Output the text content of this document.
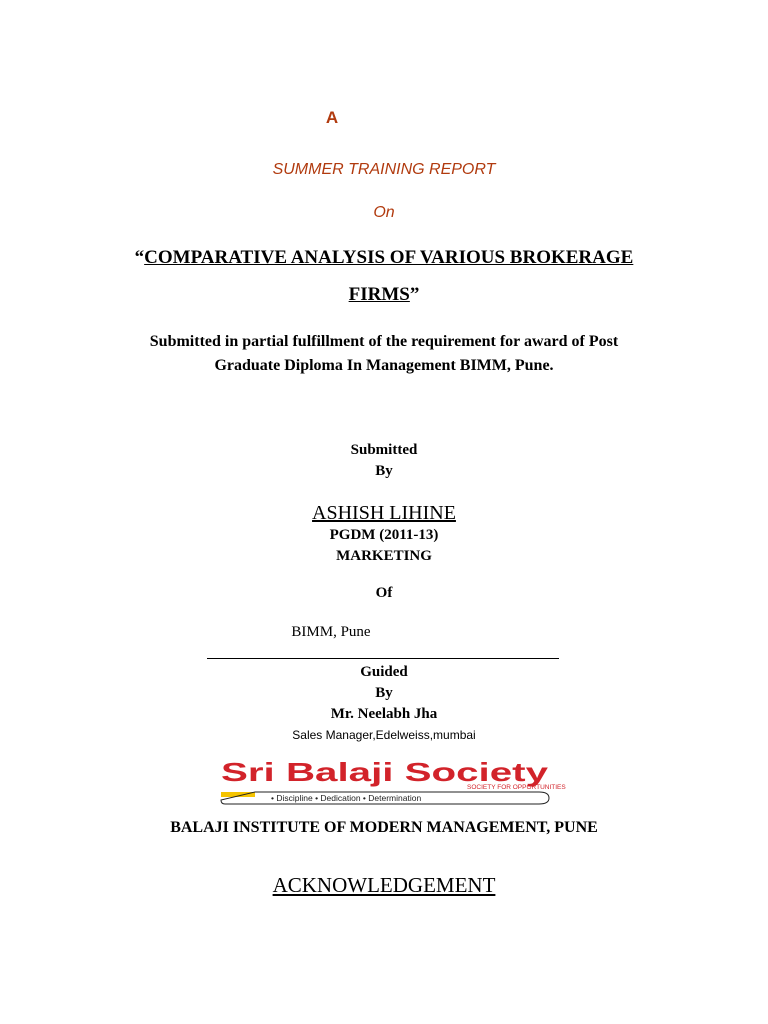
A
SUMMER TRAINING REPORT
On
“COMPARATIVE ANALYSIS OF VARIOUS BROKERAGE
FIRMS”
Submitted in partial fulfillment of the requirement for award of Post
Graduate Diploma In Management BIMM, Pune.
Submitted
By
ASHISH LIHINE
PGDM (2011-13)
MARKETING
Of
BIMM, Pune
Guided
By
Mr. Neelabh Jha
Sales Manager,Edelweiss,mumbai
Sri Balaji Society
SOCIETY FOR OPPORTUNITIES
• Discipline • Dedication • Determination
BALAJI INSTITUTE OF MODERN MANAGEMENT, PUNE
ACKNOWLEDGEMENT
